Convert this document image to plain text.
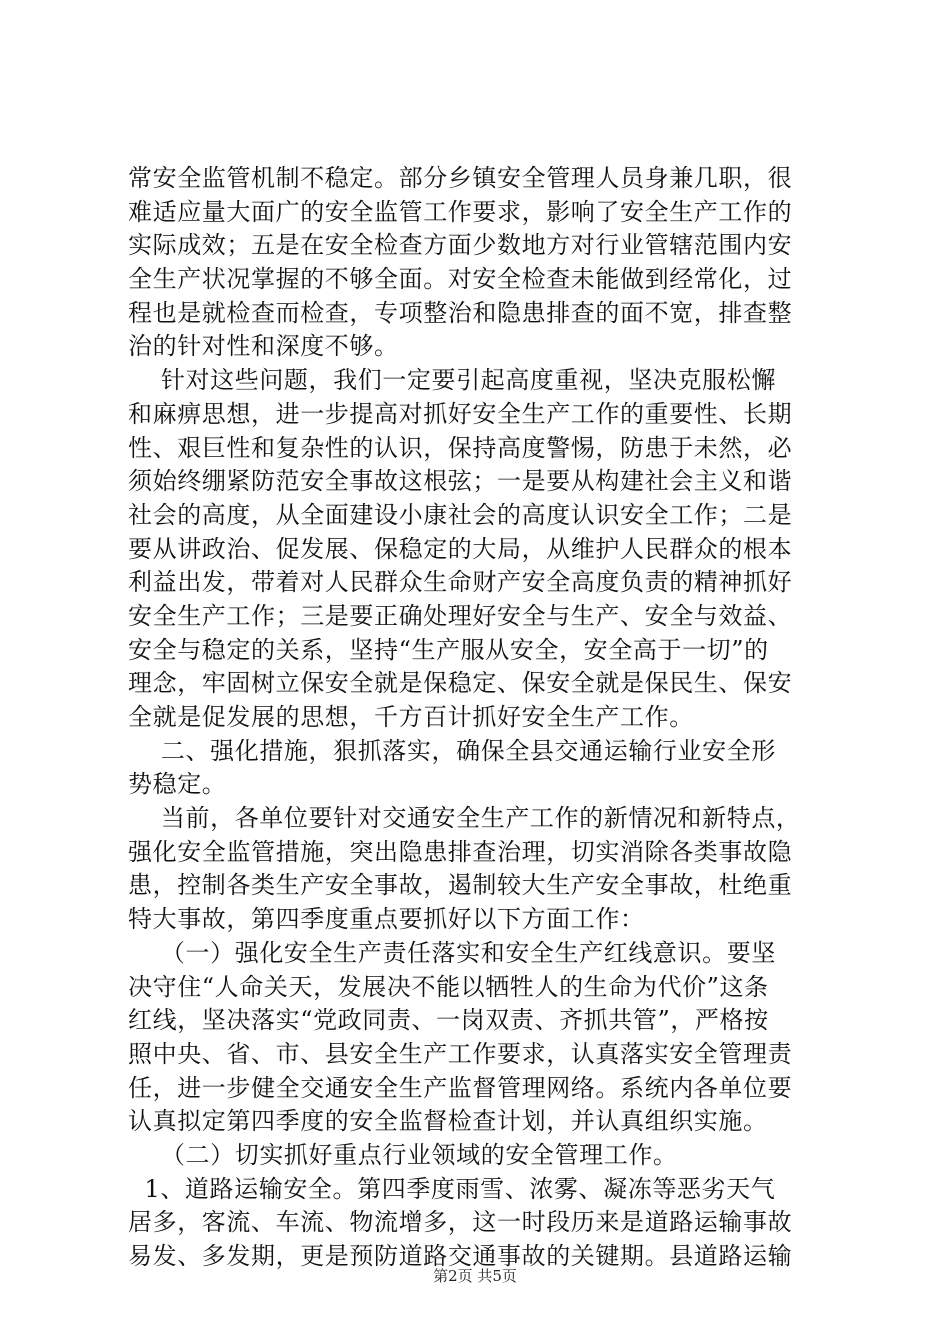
常安全监管机制不稳定。部分乡镇安全管理人员身兼几职，很
难适应量大面广的安全监管工作要求，影响了安全生产工作的
实际成效；五是在安全检查方面少数地方对行业管辖范围内安
全生产状况掌握的不够全面。对安全检查未能做到经常化，过
程也是就检查而检查，专项整治和隐患排查的面不宽，排查整
治的针对性和深度不够。
针对这些问题，我们一定要引起高度重视，坚决克服松懈
和麻痹思想，进一步提高对抓好安全生产工作的重要性、长期
性、艰巨性和复杂性的认识，保持高度警惕，防患于未然，必
须始终绷紧防范安全事故这根弦；一是要从构建社会主义和谐
社会的高度，从全面建设小康社会的高度认识安全工作；二是
要从讲政治、促发展、保稳定的大局，从维护人民群众的根本
利益出发，带着对人民群众生命财产安全高度负责的精神抓好
安全生产工作；三是要正确处理好安全与生产、安全与效益、
安全与稳定的关系，坚持“生产服从安全，安全高于一切”的
理念，牢固树立保安全就是保稳定、保安全就是保民生、保安
全就是促发展的思想，千方百计抓好安全生产工作。
二、强化措施，狠抓落实，确保全县交通运输行业安全形
势稳定。
当前，各单位要针对交通安全生产工作的新情况和新特点，
强化安全监管措施，突出隐患排查治理，切实消除各类事故隐
患，控制各类生产安全事故，遏制较大生产安全事故，杜绝重
特大事故，第四季度重点要抓好以下方面工作：
（一）强化安全生产责任落实和安全生产红线意识。要坚
决守住“人命关天，发展决不能以牺牲人的生命为代价”这条
红线，坚决落实“党政同责、一岗双责、齐抓共管”，严格按
照中央、省、市、县安全生产工作要求，认真落实安全管理责
任，进一步健全交通安全生产监督管理网络。系统内各单位要
认真拟定第四季度的安全监督检查计划，并认真组织实施。
（二）切实抓好重点行业领域的安全管理工作。
1、道路运输安全。第四季度雨雪、浓雾、凝冻等恶劣天气
居多，客流、车流、物流增多，这一时段历来是道路运输事故
易发、多发期，更是预防道路交通事故的关键期。县道路运输
第2页 共5页
